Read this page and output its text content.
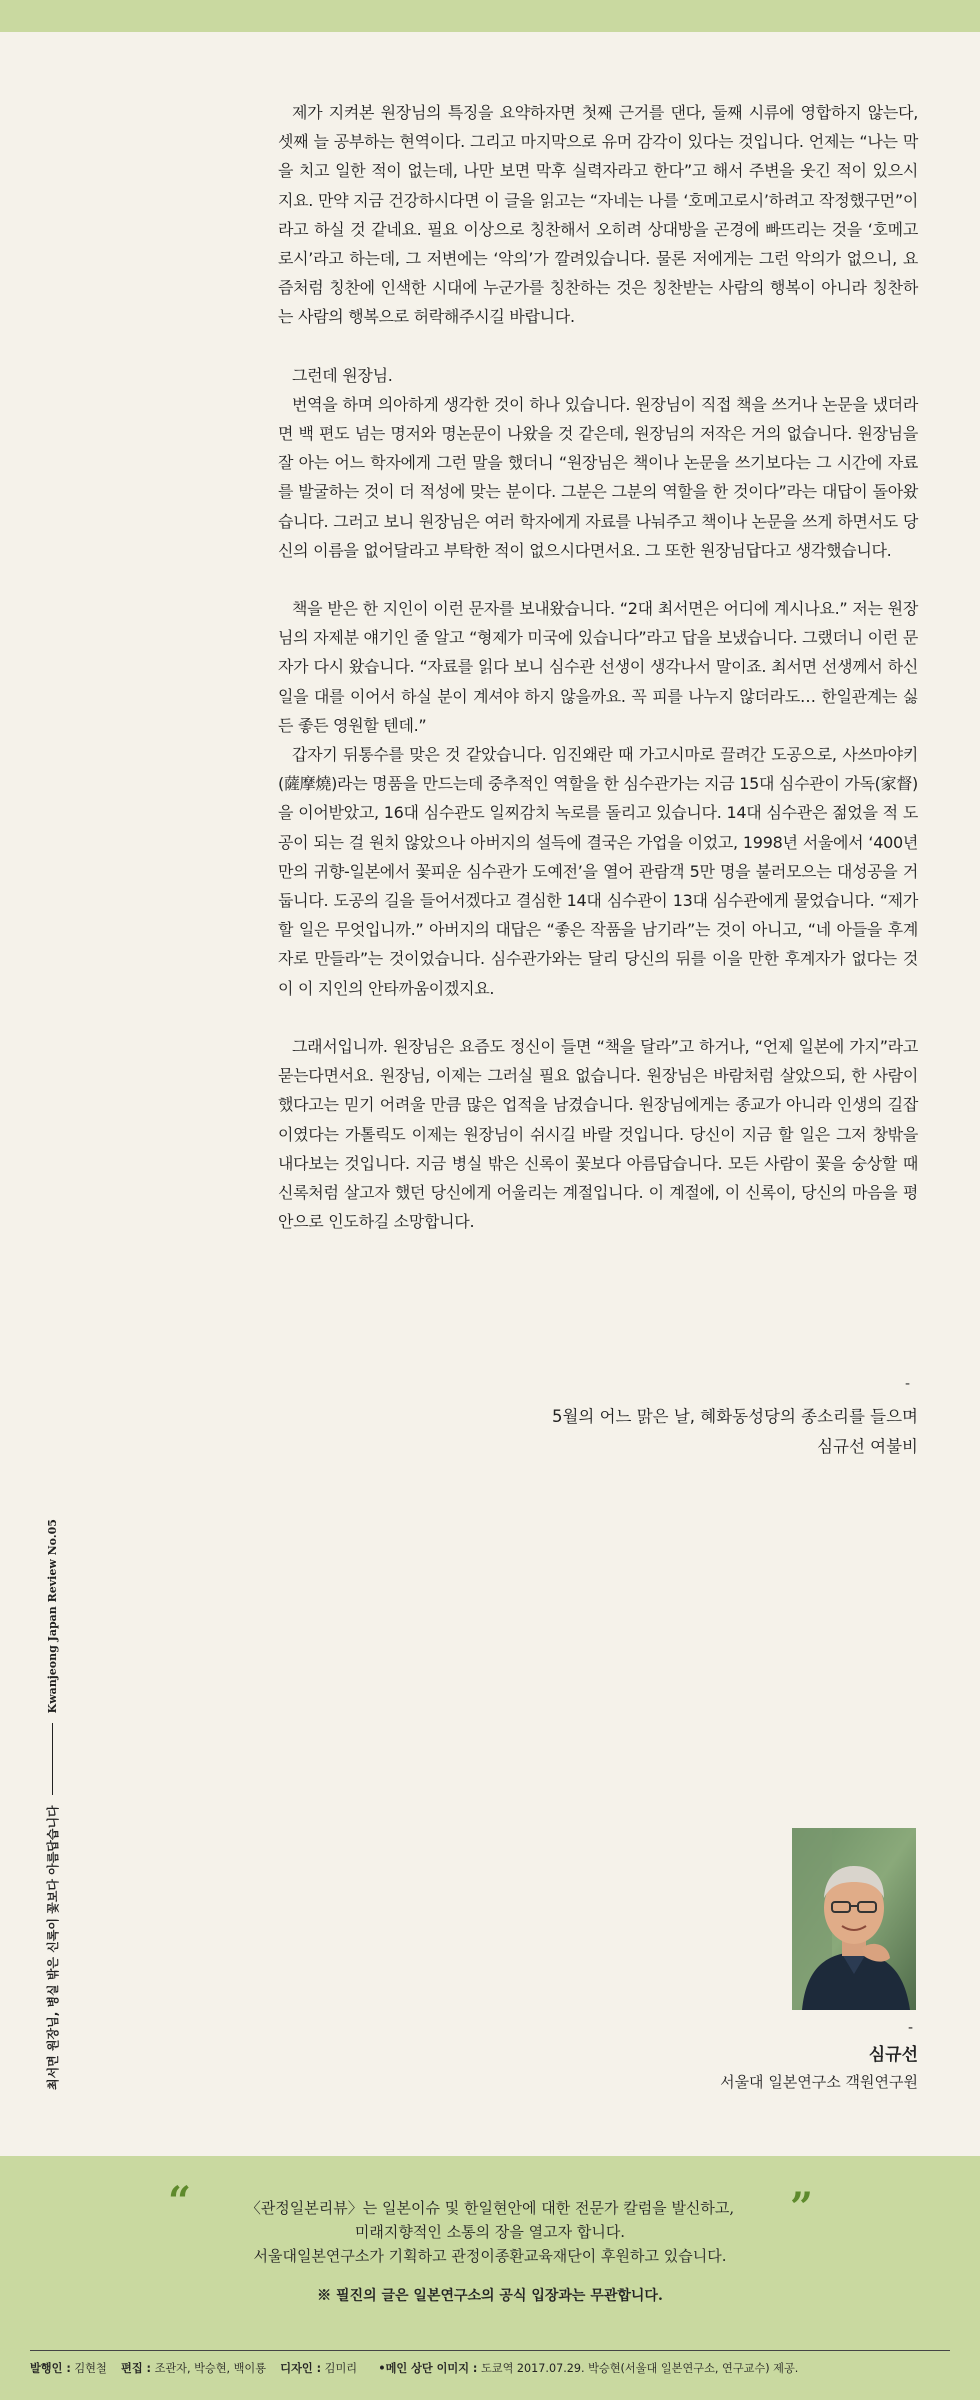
제가 지켜본 원장님의 특징을 요약하자면 첫째 근거를 댄다, 둘째 시류에 영합하지 않는다, 셋째 늘 공부하는 현역이다. 그리고 마지막으로 유머 감각이 있다는 것입니다. 언제는 “나는 막을 치고 일한 적이 없는데, 나만 보면 막후 실력자라고 한다”고 해서 주변을 웃긴 적이 있으시지요. 만약 지금 건강하시다면 이 글을 읽고는 “자네는 나를 ‘호메고로시’하려고 작정했구먼”이라고 하실 것 같네요. 필요 이상으로 칭찬해서 오히려 상대방을 곤경에 빠뜨리는 것을 ‘호메고로시’라고 하는데, 그 저변에는 ‘악의’가 깔려있습니다. 물론 저에게는 그런 악의가 없으니, 요즘처럼 칭찬에 인색한 시대에 누군가를 칭찬하는 것은 칭찬받는 사람의 행복이 아니라 칭찬하는 사람의 행복으로 허락해주시길 바랍니다.

그런데 원장님.

번역을 하며 의아하게 생각한 것이 하나 있습니다. 원장님이 직접 책을 쓰거나 논문을 냈더라면 백 편도 넘는 명저와 명논문이 나왔을 것 같은데, 원장님의 저작은 거의 없습니다. 원장님을 잘 아는 어느 학자에게 그런 말을 했더니 “원장님은 책이나 논문을 쓰기보다는 그 시간에 자료를 발굴하는 것이 더 적성에 맞는 분이다. 그분은 그분의 역할을 한 것이다”라는 대답이 돌아왔습니다. 그러고 보니 원장님은 여러 학자에게 자료를 나눠주고 책이나 논문을 쓰게 하면서도 당신의 이름을 없어달라고 부탁한 적이 없으시다면서요. 그 또한 원장님답다고 생각했습니다.

책을 받은 한 지인이 이런 문자를 보내왔습니다. “2대 최서면은 어디에 계시나요.” 저는 원장님의 자제분 얘기인 줄 알고 “형제가 미국에 있습니다”라고 답을 보냈습니다. 그랬더니 이런 문자가 다시 왔습니다. “자료를 읽다 보니 심수관 선생이 생각나서 말이죠. 최서면 선생께서 하신 일을 대를 이어서 하실 분이 계셔야 하지 않을까요. 꼭 피를 나누지 않더라도… 한일관계는 싫든 좋든 영원할 텐데.”

갑자기 뒤통수를 맞은 것 같았습니다. 임진왜란 때 가고시마로 끌려간 도공으로, 사쓰마야키(薩摩燒)라는 명품을 만드는데 중추적인 역할을 한 심수관가는 지금 15대 심수관이 가독(家督)을 이어받았고, 16대 심수관도 일찌감치 녹로를 돌리고 있습니다. 14대 심수관은 젊었을 적 도공이 되는 걸 원치 않았으나 아버지의 설득에 결국은 가업을 이었고, 1998년 서울에서 ‘400년 만의 귀향-일본에서 꽃피운 심수관가 도예전’을 열어 관람객 5만 명을 불러모으는 대성공을 거둡니다. 도공의 길을 들어서겠다고 결심한 14대 심수관이 13대 심수관에게 물었습니다. “제가 할 일은 무엇입니까.” 아버지의 대답은 “좋은 작품을 남기라”는 것이 아니고, “네 아들을 후계자로 만들라”는 것이었습니다. 심수관가와는 달리 당신의 뒤를 이을 만한 후계자가 없다는 것이 이 지인의 안타까움이겠지요.

그래서입니까. 원장님은 요즘도 정신이 들면 “책을 달라”고 하거나, “언제 일본에 가지”라고 묻는다면서요. 원장님, 이제는 그러실 필요 없습니다. 원장님은 바람처럼 살았으되, 한 사람이 했다고는 믿기 어려울 만큼 많은 업적을 남겼습니다. 원장님에게는 종교가 아니라 인생의 길잡이였다는 가톨릭도 이제는 원장님이 쉬시길 바랄 것입니다. 당신이 지금 할 일은 그저 창밖을 내다보는 것입니다. 지금 병실 밖은 신록이 꽃보다 아름답습니다. 모든 사람이 꽃을 숭상할 때 신록처럼 살고자 했던 당신에게 어울리는 계절입니다. 이 계절에, 이 신록이, 당신의 마음을 평안으로 인도하길 소망합니다.

-
5월의 어느 맑은 날, 혜화동성당의 종소리를 들으며
심규선 여불비
최서면 원장님, 병실 밖은 신록이 꽃보다 아름답습니다
Kwanjeong Japan Review No.05
-
심규선
서울대 일본연구소 객원연구원
“	”
〈관정일본리뷰〉는 일본이슈 및 한일현안에 대한 전문가 칼럼을 발신하고,
미래지향적인 소통의 장을 열고자 합니다.
서울대일본연구소가 기획하고 관정이종환교육재단이 후원하고 있습니다.
※ 필진의 글은 일본연구소의 공식 입장과는 무관합니다.
발행인 : 김현철 편집 : 조관자, 박승현, 백이룡 디자인 : 김미리 •메인 상단 이미지 : 도쿄역 2017.07.29. 박승현(서울대 일본연구소, 연구교수) 제공.
